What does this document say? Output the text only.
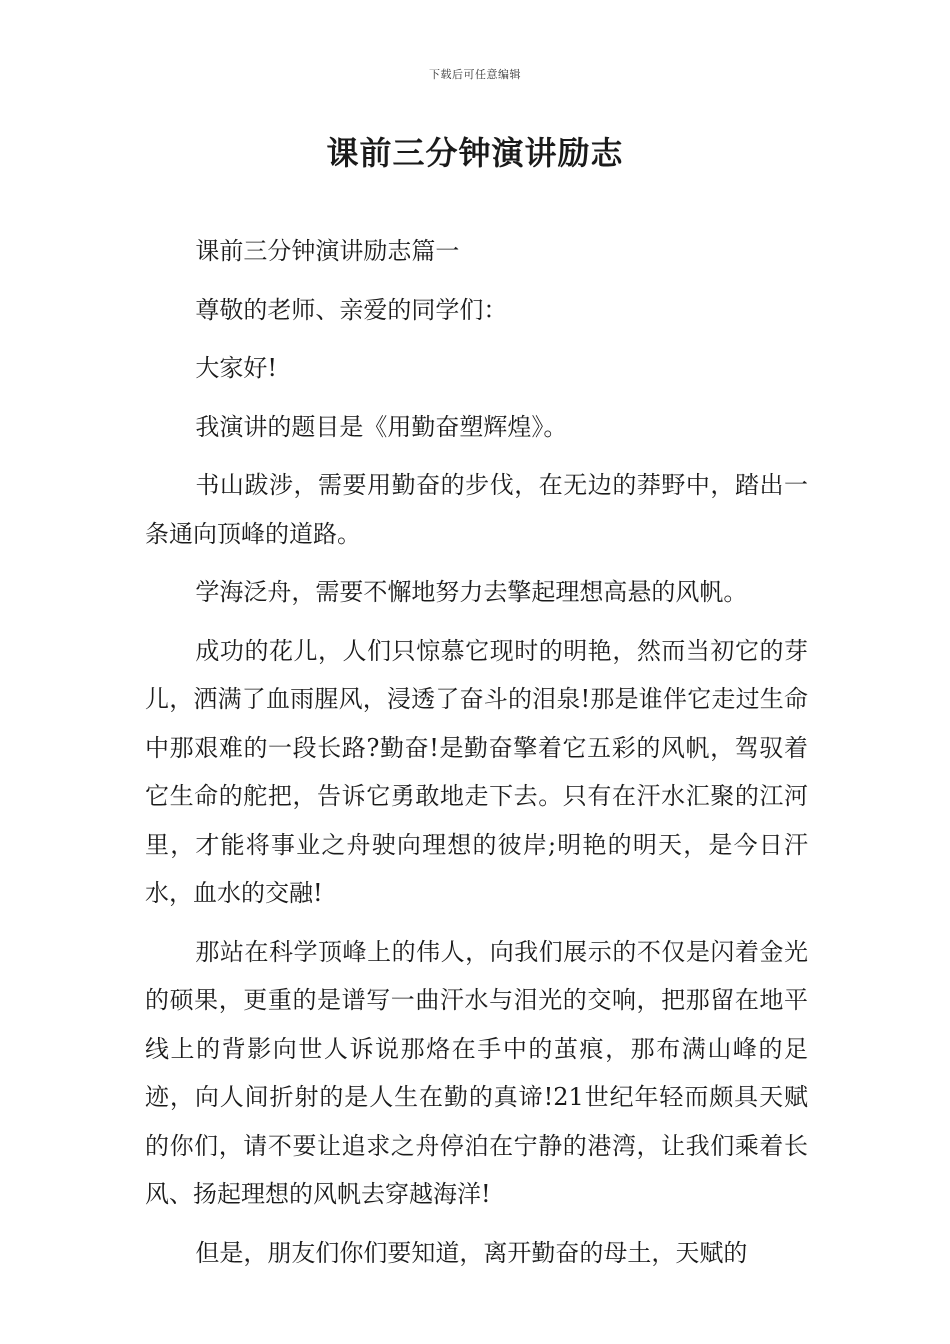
下载后可任意编辑
课前三分钟演讲励志

课前三分钟演讲励志篇一

尊敬的老师、亲爱的同学们：

大家好!

我演讲的题目是《用勤奋塑辉煌》。

书山跋涉，需要用勤奋的步伐，在无边的莽野中，踏出一条通向顶峰的道路。

学海泛舟，需要不懈地努力去擎起理想高悬的风帆。

成功的花儿，人们只惊慕它现时的明艳，然而当初它的芽儿，洒满了血雨腥风，浸透了奋斗的泪泉!那是谁伴它走过生命中那艰难的一段长路?勤奋!是勤奋擎着它五彩的风帆，驾驭着它生命的舵把，告诉它勇敢地走下去。只有在汗水汇聚的江河里，才能将事业之舟驶向理想的彼岸;明艳的明天，是今日汗水，血水的交融!

那站在科学顶峰上的伟人，向我们展示的不仅是闪着金光的硕果，更重的是谱写一曲汗水与泪光的交响，把那留在地平线上的背影向世人诉说那烙在手中的茧痕，那布满山峰的足迹，向人间折射的是人生在勤的真谛!21世纪年轻而颇具天赋的你们，请不要让追求之舟停泊在宁静的港湾，让我们乘着长风、扬起理想的风帆去穿越海洋!

但是，朋友们你们要知道，离开勤奋的母土，天赋的
